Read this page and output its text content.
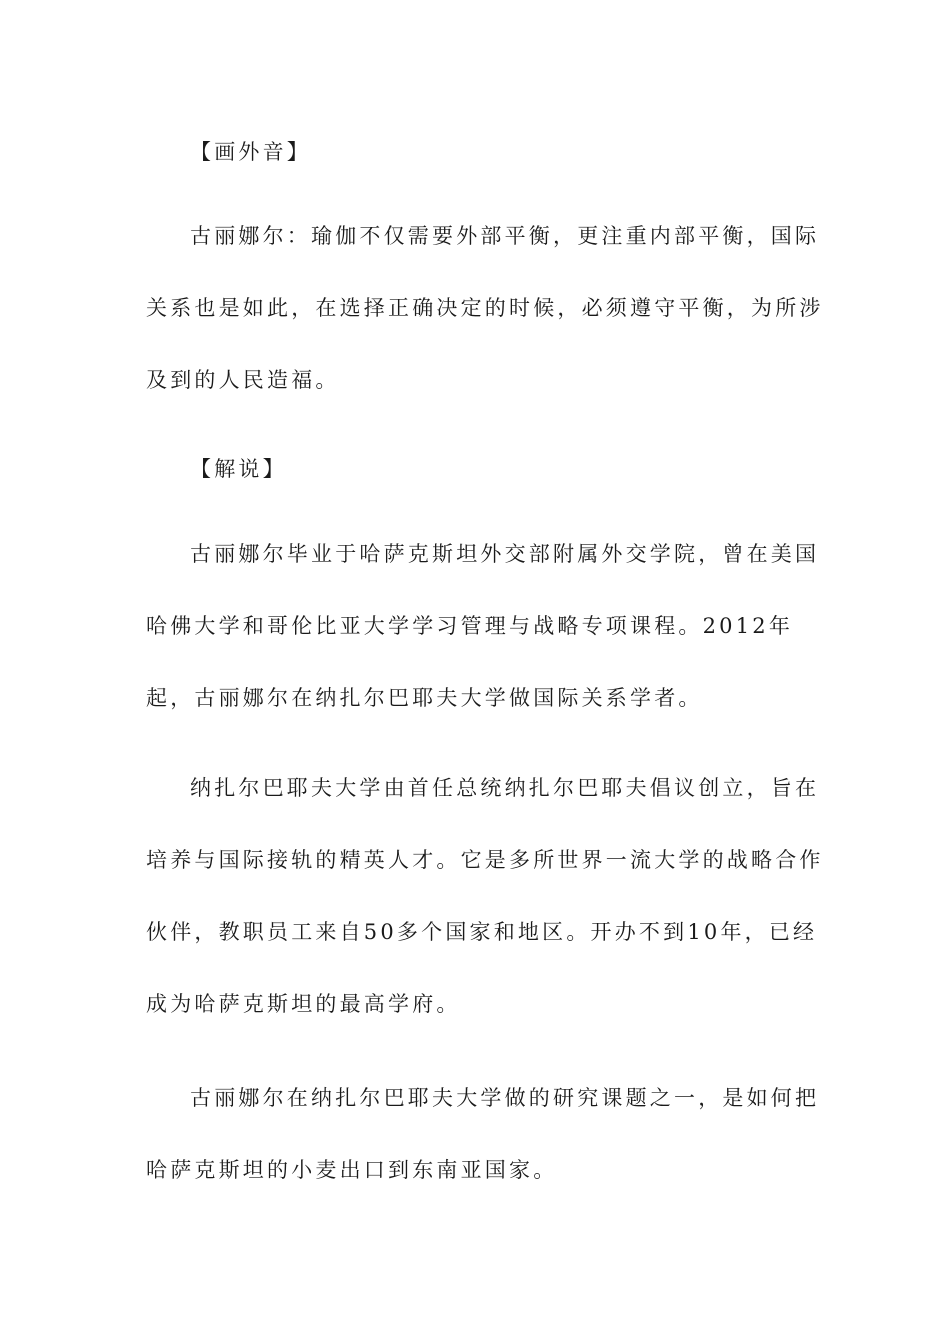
【画外音】

古丽娜尔：瑜伽不仅需要外部平衡，更注重内部平衡，国际关系也是如此，在选择正确决定的时候，必须遵守平衡，为所涉及到的人民造福。

【解说】

古丽娜尔毕业于哈萨克斯坦外交部附属外交学院，曾在美国哈佛大学和哥伦比亚大学学习管理与战略专项课程。2012年起，古丽娜尔在纳扎尔巴耶夫大学做国际关系学者。

纳扎尔巴耶夫大学由首任总统纳扎尔巴耶夫倡议创立，旨在培养与国际接轨的精英人才。它是多所世界一流大学的战略合作伙伴，教职员工来自50多个国家和地区。开办不到10年，已经成为哈萨克斯坦的最高学府。

古丽娜尔在纳扎尔巴耶夫大学做的研究课题之一，是如何把哈萨克斯坦的小麦出口到东南亚国家。
